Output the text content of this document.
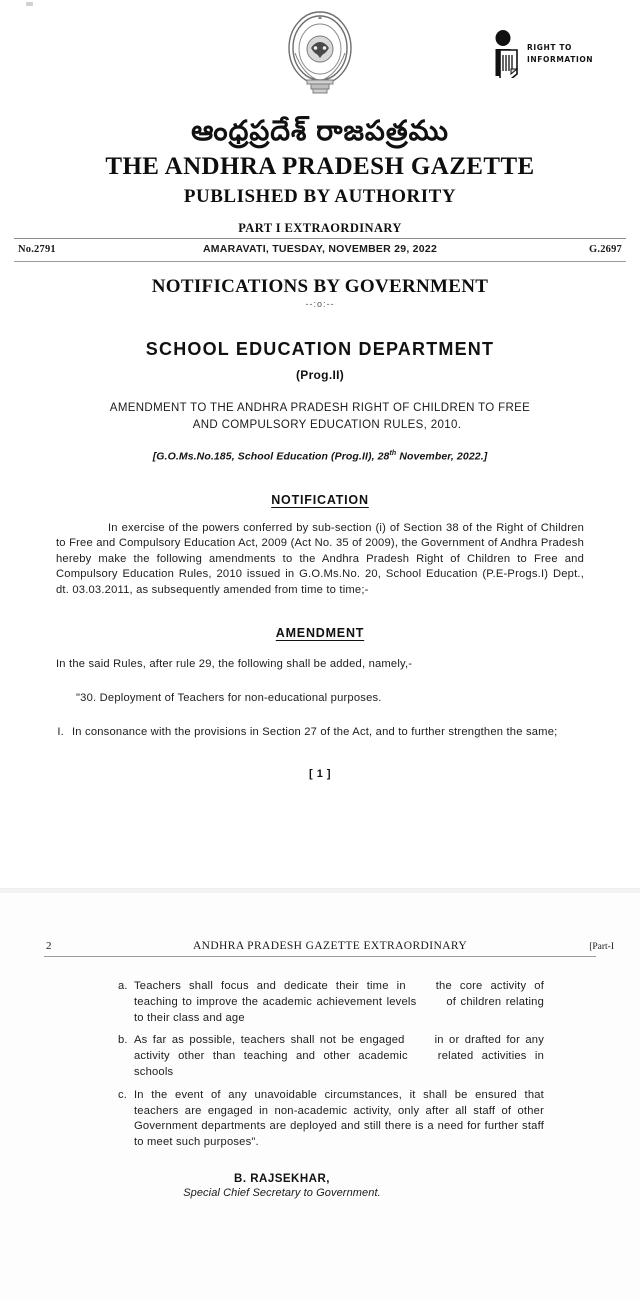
RIGHT TO
INFORMATION
ఆంధ్రప్రదేశ్ రాజపత్రము
THE ANDHRA PRADESH GAZETTE
PUBLISHED BY AUTHORITY
PART I EXTRAORDINARY
No.2791	AMARAVATI, TUESDAY, NOVEMBER 29, 2022	G.2697
NOTIFICATIONS BY GOVERNMENT
--:o:--
SCHOOL EDUCATION DEPARTMENT
(Prog.II)
AMENDMENT TO THE ANDHRA PRADESH RIGHT OF CHILDREN TO FREE
AND COMPULSORY EDUCATION RULES, 2010.
[G.O.Ms.No.185, School Education (Prog.II), 28th November, 2022.]
NOTIFICATION
In exercise of the powers conferred by sub-section (i) of Section 38 of the Right of Children to Free and Compulsory Education Act, 2009 (Act No. 35 of 2009), the Government of Andhra Pradesh hereby make the following amendments to the Andhra Pradesh Right of Children to Free and Compulsory Education Rules, 2010 issued in G.O.Ms.No. 20, School Education (P.E-Progs.I) Dept., dt. 03.03.2011, as subsequently amended from time to time;-
AMENDMENT
In the said Rules, after rule 29, the following shall be added, namely,-
"30. Deployment of Teachers for non-educational purposes.
I. In consonance with the provisions in Section 27 of the Act, and to further strengthen the same;
[ 1 ]
2	ANDHRA PRADESH GAZETTE EXTRAORDINARY	[Part-I
a. Teachers shall focus and dedicate their time in	the core activity of teaching to improve the academic achievement levels	of children relating to their class and age
b. As far as possible, teachers shall not be engaged	in or drafted for any activity other than teaching and other academic	related activities in schools
c. In the event of any unavoidable circumstances, it shall be ensured that teachers are engaged in non-academic activity, only after all staff of other Government departments are deployed and still there is a need for further staff to meet such purposes".
B. RAJSEKHAR,
Special Chief Secretary to Government.
